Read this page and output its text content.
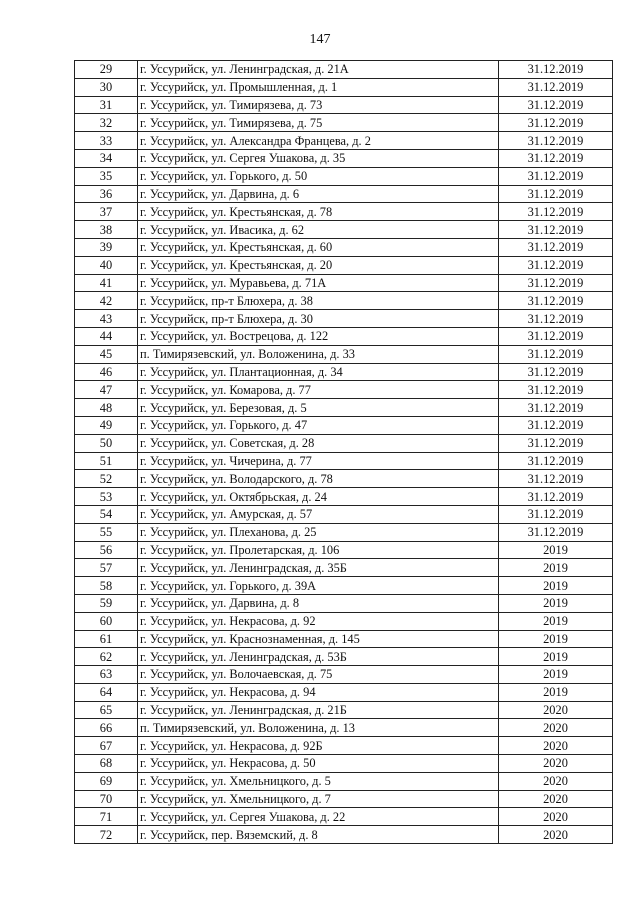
147
29	г. Уссурийск, ул. Ленинградская, д. 21А	31.12.2019
30	г. Уссурийск, ул. Промышленная, д. 1	31.12.2019
31	г. Уссурийск, ул. Тимирязева, д. 73	31.12.2019
32	г. Уссурийск, ул. Тимирязева, д. 75	31.12.2019
33	г. Уссурийск, ул. Александра Францева, д. 2	31.12.2019
34	г. Уссурийск, ул. Сергея Ушакова, д. 35	31.12.2019
35	г. Уссурийск, ул. Горького, д. 50	31.12.2019
36	г. Уссурийск, ул. Дарвина, д. 6	31.12.2019
37	г. Уссурийск, ул. Крестьянская, д. 78	31.12.2019
38	г. Уссурийск, ул. Ивасика, д. 62	31.12.2019
39	г. Уссурийск, ул. Крестьянская, д. 60	31.12.2019
40	г. Уссурийск, ул. Крестьянская, д. 20	31.12.2019
41	г. Уссурийск, ул. Муравьева, д. 71А	31.12.2019
42	г. Уссурийск, пр-т Блюхера, д. 38	31.12.2019
43	г. Уссурийск, пр-т Блюхера, д. 30	31.12.2019
44	г. Уссурийск, ул. Вострецова, д. 122	31.12.2019
45	п. Тимирязевский, ул. Воложенина, д. 33	31.12.2019
46	г. Уссурийск, ул. Плантационная, д. 34	31.12.2019
47	г. Уссурийск, ул. Комарова, д. 77	31.12.2019
48	г. Уссурийск, ул. Березовая, д. 5	31.12.2019
49	г. Уссурийск, ул. Горького, д. 47	31.12.2019
50	г. Уссурийск, ул. Советская, д. 28	31.12.2019
51	г. Уссурийск, ул. Чичерина, д. 77	31.12.2019
52	г. Уссурийск, ул. Володарского, д. 78	31.12.2019
53	г. Уссурийск, ул. Октябрьская, д. 24	31.12.2019
54	г. Уссурийск, ул. Амурская, д. 57	31.12.2019
55	г. Уссурийск, ул. Плеханова, д. 25	31.12.2019
56	г. Уссурийск, ул. Пролетарская, д. 106	2019
57	г. Уссурийск, ул. Ленинградская, д. 35Б	2019
58	г. Уссурийск, ул. Горького, д. 39А	2019
59	г. Уссурийск, ул. Дарвина, д. 8	2019
60	г. Уссурийск, ул. Некрасова, д. 92	2019
61	г. Уссурийск, ул. Краснознаменная, д. 145	2019
62	г. Уссурийск, ул. Ленинградская, д. 53Б	2019
63	г. Уссурийск, ул. Волочаевская, д. 75	2019
64	г. Уссурийск, ул. Некрасова, д. 94	2019
65	г. Уссурийск, ул. Ленинградская, д. 21Б	2020
66	п. Тимирязевский, ул. Воложенина, д. 13	2020
67	г. Уссурийск, ул. Некрасова, д. 92Б	2020
68	г. Уссурийск, ул. Некрасова, д. 50	2020
69	г. Уссурийск, ул. Хмельницкого, д. 5	2020
70	г. Уссурийск, ул. Хмельницкого, д. 7	2020
71	г. Уссурийск, ул. Сергея Ушакова, д. 22	2020
72	г. Уссурийск, пер. Вяземский, д. 8	2020
